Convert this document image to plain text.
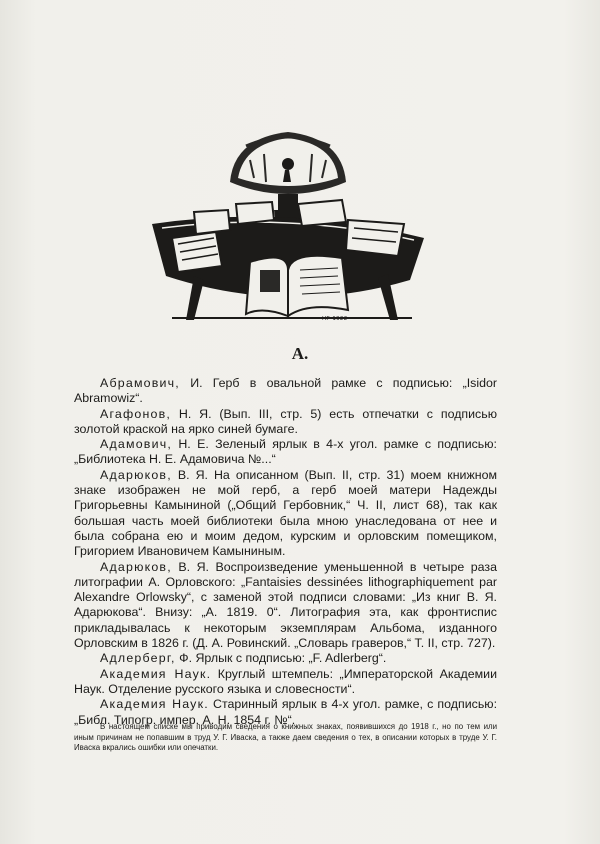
НР-1922
A.

Абрамович, И. Герб в овальной рамке с подписью: „Isidor Abramowiz“.

Агафонов, Н. Я. (Вып. III, стр. 5) есть отпечатки с подписью золотой краской на ярко синей бумаге.

Адамович, Н. Е. Зеленый ярлык в 4-х угол. рамке с подписью: „Библиотека Н. Е. Адамовича №...“

Адарюков, В. Я. На описанном (Вып. II, стр. 31) моем книжном знаке изображен не мой герб, а герб моей матери Надежды Григорьевны Камыниной („Общий Гербовник,“ Ч. II, лист 68), так как большая часть моей библиотеки была мною унаследована от нее и была собрана ею и моим дедом, курским и орловским помещиком, Григорием Ивановичем Камыниным.

Адарюков, В. Я. Воспроизведение уменьшенной в четыре раза литографии А. Орловского: „Fantaisies dessinées lithographiquement par Alexandre Orlowsky“, с заменой этой подписи словами: „Из книг В. Я. Адарюкова“. Внизу: „А. 1819. 0“. Литография эта, как фронтиспис прикладывалась к некоторым экземплярам Альбома, изданного Орловским в 1826 г. (Д. А. Ровинский. „Словарь граверов,“ Т. II, стр. 727).

Адлерберг, Ф. Ярлык с подписью: „F. Adlerberg“.

Академия Наук. Круглый штемпель: „Императорской Академии Наук. Отделение русского языка и словесности“.

Академия Наук. Старинный ярлык в 4-х угол. рамке, с подписью: „Библ. Типогр. импер. А. Н. 1854 г. №“.

В настоящем списке мы приводим сведения о книжных знаках, появившихся до 1918 г., но по тем или иным причинам не попавшим в труд У. Г. Иваска, а также даем сведения о тех, в описании которых в труде У. Г. Иваска вкрались ошибки или опечатки.
